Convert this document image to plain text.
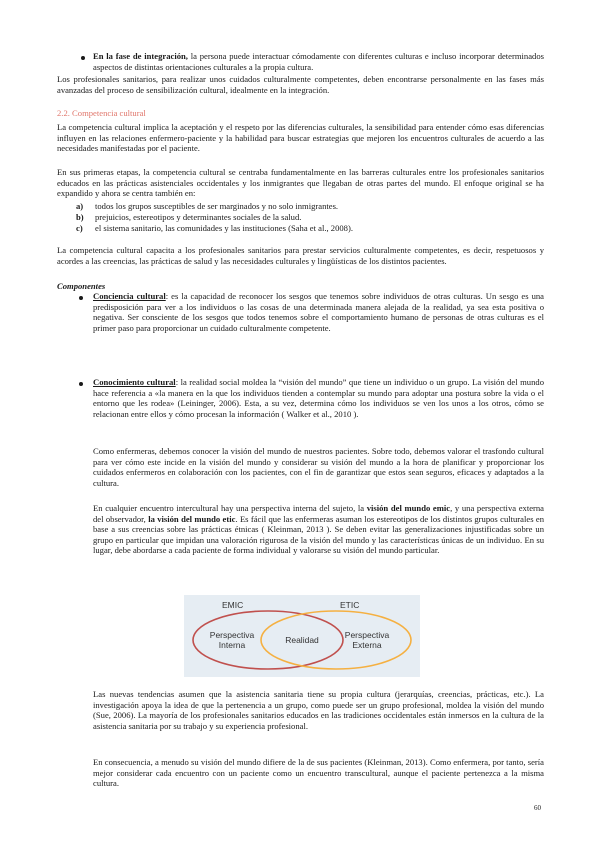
En la fase de integración, la persona puede interactuar cómodamente con diferentes culturas e incluso incorporar determinados aspectos de distintas orientaciones culturales a la propia cultura.

Los profesionales sanitarios, para realizar unos cuidados culturalmente competentes, deben encontrarse personalmente en las fases más avanzadas del proceso de sensibilización cultural, idealmente en la integración.

2.2. Competencia cultural

La competencia cultural implica la aceptación y el respeto por las diferencias culturales, la sensibilidad para entender cómo esas diferencias influyen en las relaciones enfermero-paciente y la habilidad para buscar estrategias que mejoren los encuentros culturales de acuerdo a las necesidades manifestadas por el paciente.

En sus primeras etapas, la competencia cultural se centraba fundamentalmente en las barreras culturales entre los profesionales sanitarios educados en las prácticas asistenciales occidentales y los inmigrantes que llegaban de otras partes del mundo. El enfoque original se ha expandido y ahora se centra también en:

a) todos los grupos susceptibles de ser marginados y no solo inmigrantes.
b) prejuicios, estereotipos y determinantes sociales de la salud.
c) el sistema sanitario, las comunidades y las instituciones (Saha et al., 2008).

La competencia cultural capacita a los profesionales sanitarios para prestar servicios culturalmente competentes, es decir, respetuosos y acordes a las creencias, las prácticas de salud y las necesidades culturales y lingüísticas de los distintos pacientes.

Componentes
Conciencia cultural: es la capacidad de reconocer los sesgos que tenemos sobre individuos de otras culturas. Un sesgo es una predisposición para ver a los individuos o las cosas de una determinada manera alejada de la realidad, ya sea esta positiva o negativa. Ser consciente de los sesgos que todos tenemos sobre el comportamiento humano de personas de otras culturas es el primer paso para proporcionar un cuidado culturalmente competente.
Conocimiento cultural: la realidad social moldea la “visión del mundo” que tiene un individuo o un grupo. La visión del mundo hace referencia a «la manera en la que los individuos tienden a contemplar su mundo para adoptar una postura sobre la vida o el entorno que les rodea» (Leininger, 2006). Esta, a su vez, determina cómo los individuos se ven los unos a los otros, cómo se relacionan entre ellos y cómo procesan la información ( Walker et al., 2010 ).

Como enfermeras, debemos conocer la visión del mundo de nuestros pacientes. Sobre todo, debemos valorar el trasfondo cultural para ver cómo este incide en la visión del mundo y considerar su visión del mundo a la hora de planificar y proporcionar los cuidados enfermeros en colaboración con los pacientes, con el fin de garantizar que estos sean seguros, eficaces y adaptados a la cultura.

En cualquier encuentro intercultural hay una perspectiva interna del sujeto, la visión del mundo emic, y una perspectiva externa del observador, la visión del mundo etic. Es fácil que las enfermeras asuman los estereotipos de los distintos grupos culturales en base a sus creencias sobre las prácticas étnicas ( Kleinman, 2013 ). Se deben evitar las generalizaciones injustificadas sobre un grupo en particular que impidan una valoración rigurosa de la visión del mundo y las características únicas de un individuo. En su lugar, debe abordarse a cada paciente de forma individual y valorarse su visión del mundo particular.
EMIC	ETIC
Perspectiva
Interna	Realidad	Perspectiva
Externa

Las nuevas tendencias asumen que la asistencia sanitaria tiene su propia cultura (jerarquías, creencias, prácticas, etc.). La investigación apoya la idea de que la pertenencia a un grupo, como puede ser un grupo profesional, moldea la visión del mundo (Sue, 2006). La mayoría de los profesionales sanitarios educados en las tradiciones occidentales están inmersos en la cultura de la asistencia sanitaria por su trabajo y su experiencia profesional.

En consecuencia, a menudo su visión del mundo difiere de la de sus pacientes (Kleinman, 2013). Como enfermera, por tanto, sería mejor considerar cada encuentro con un paciente como un encuentro transcultural, aunque el paciente pertenezca a la misma cultura.

60
